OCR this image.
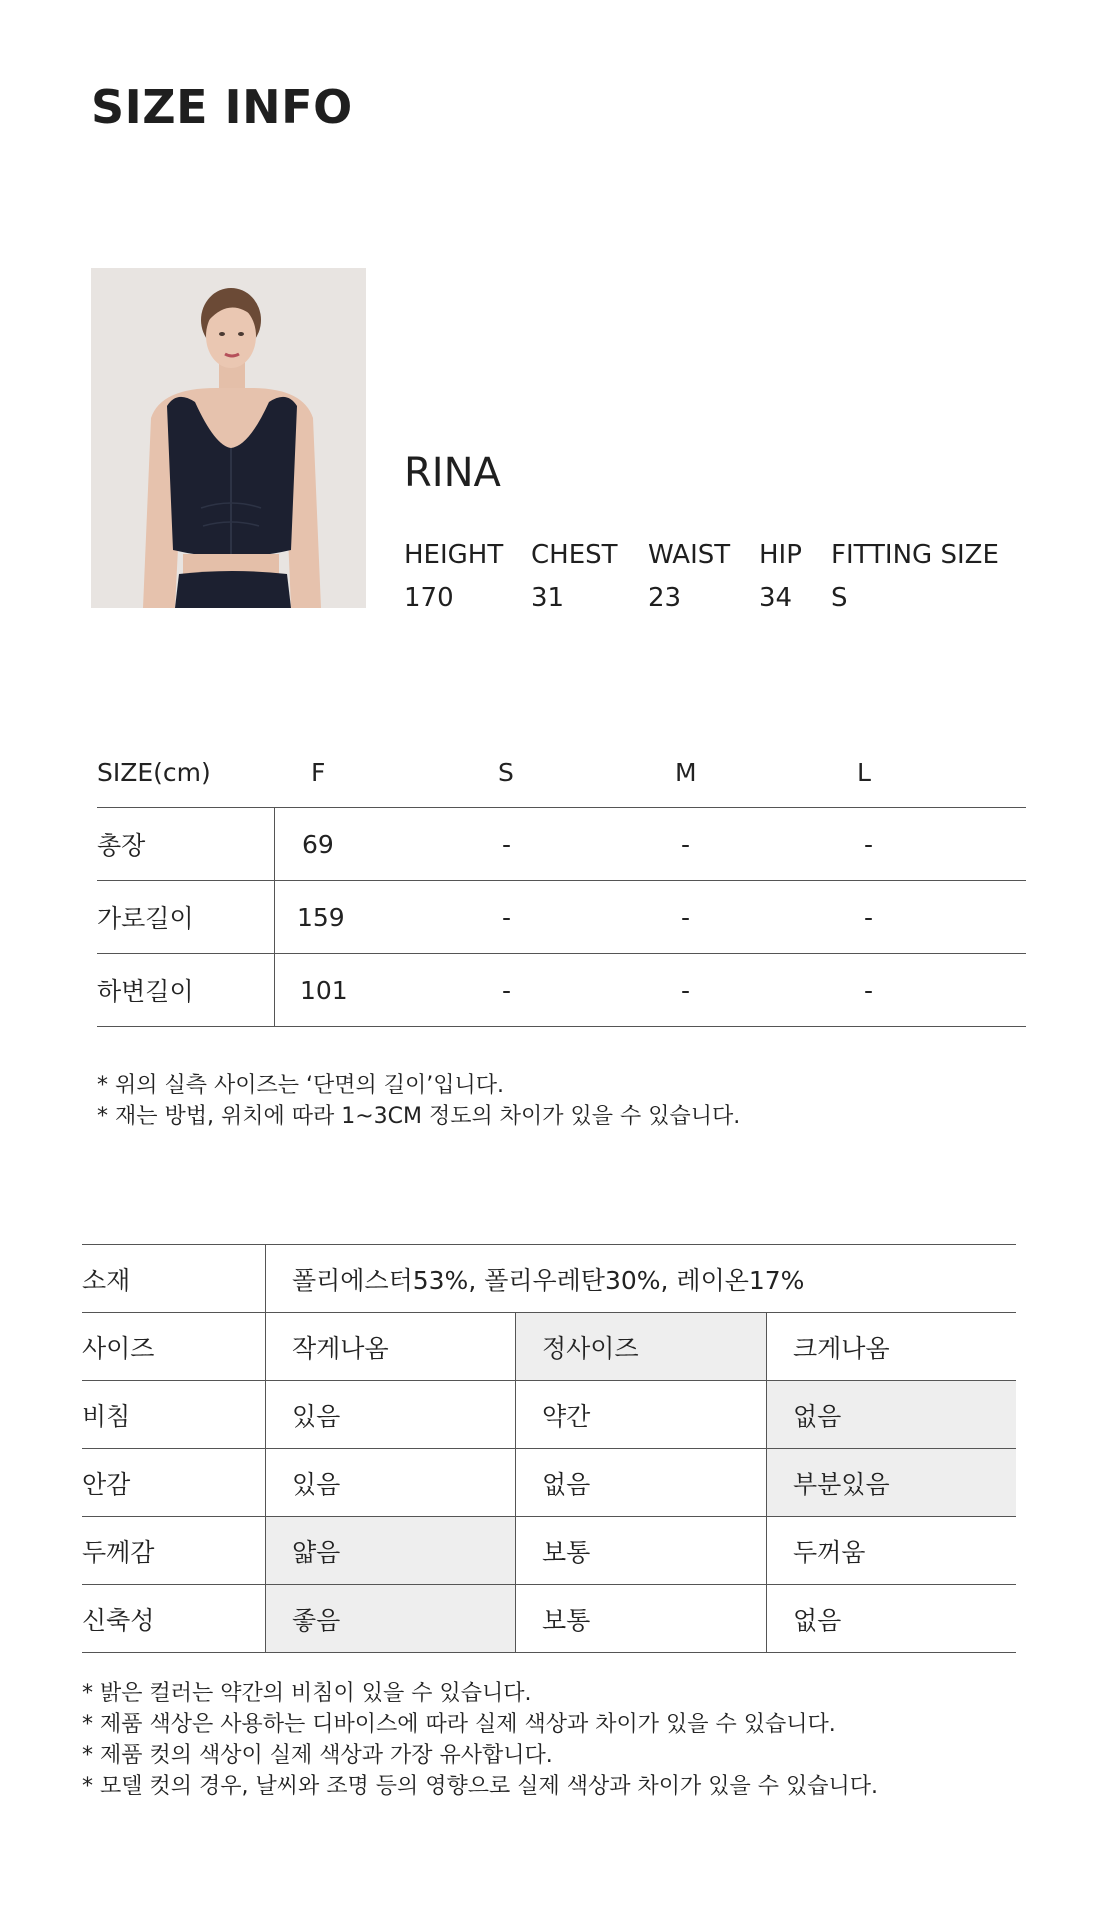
SIZE INFO
RINA
HEIGHT CHEST WAIST HIP FITTING SIZE
170	31	23	34 S
SIZE(cm)	F	S	M	L
총장	69	-	-	-
가로길이	159	-	-	-
하변길이	101	-	-	-
* 위의 실측 사이즈는 ‘단면의 길이’입니다.
* 재는 방법, 위치에 따라 1~3CM 정도의 차이가 있을 수 있습니다.
소재	폴리에스터53%, 폴리우레탄30%, 레이온17%
사이즈	작게나옴	정사이즈	크게나옴
비침	있음	약간	없음
안감	있음	없음	부분있음
두께감	얇음	보통	두꺼움
신축성	좋음	보통	없음
* 밝은 컬러는 약간의 비침이 있을 수 있습니다.
* 제품 색상은 사용하는 디바이스에 따라 실제 색상과 차이가 있을 수 있습니다.
* 제품 컷의 색상이 실제 색상과 가장 유사합니다.
* 모델 컷의 경우, 날씨와 조명 등의 영향으로 실제 색상과 차이가 있을 수 있습니다.
